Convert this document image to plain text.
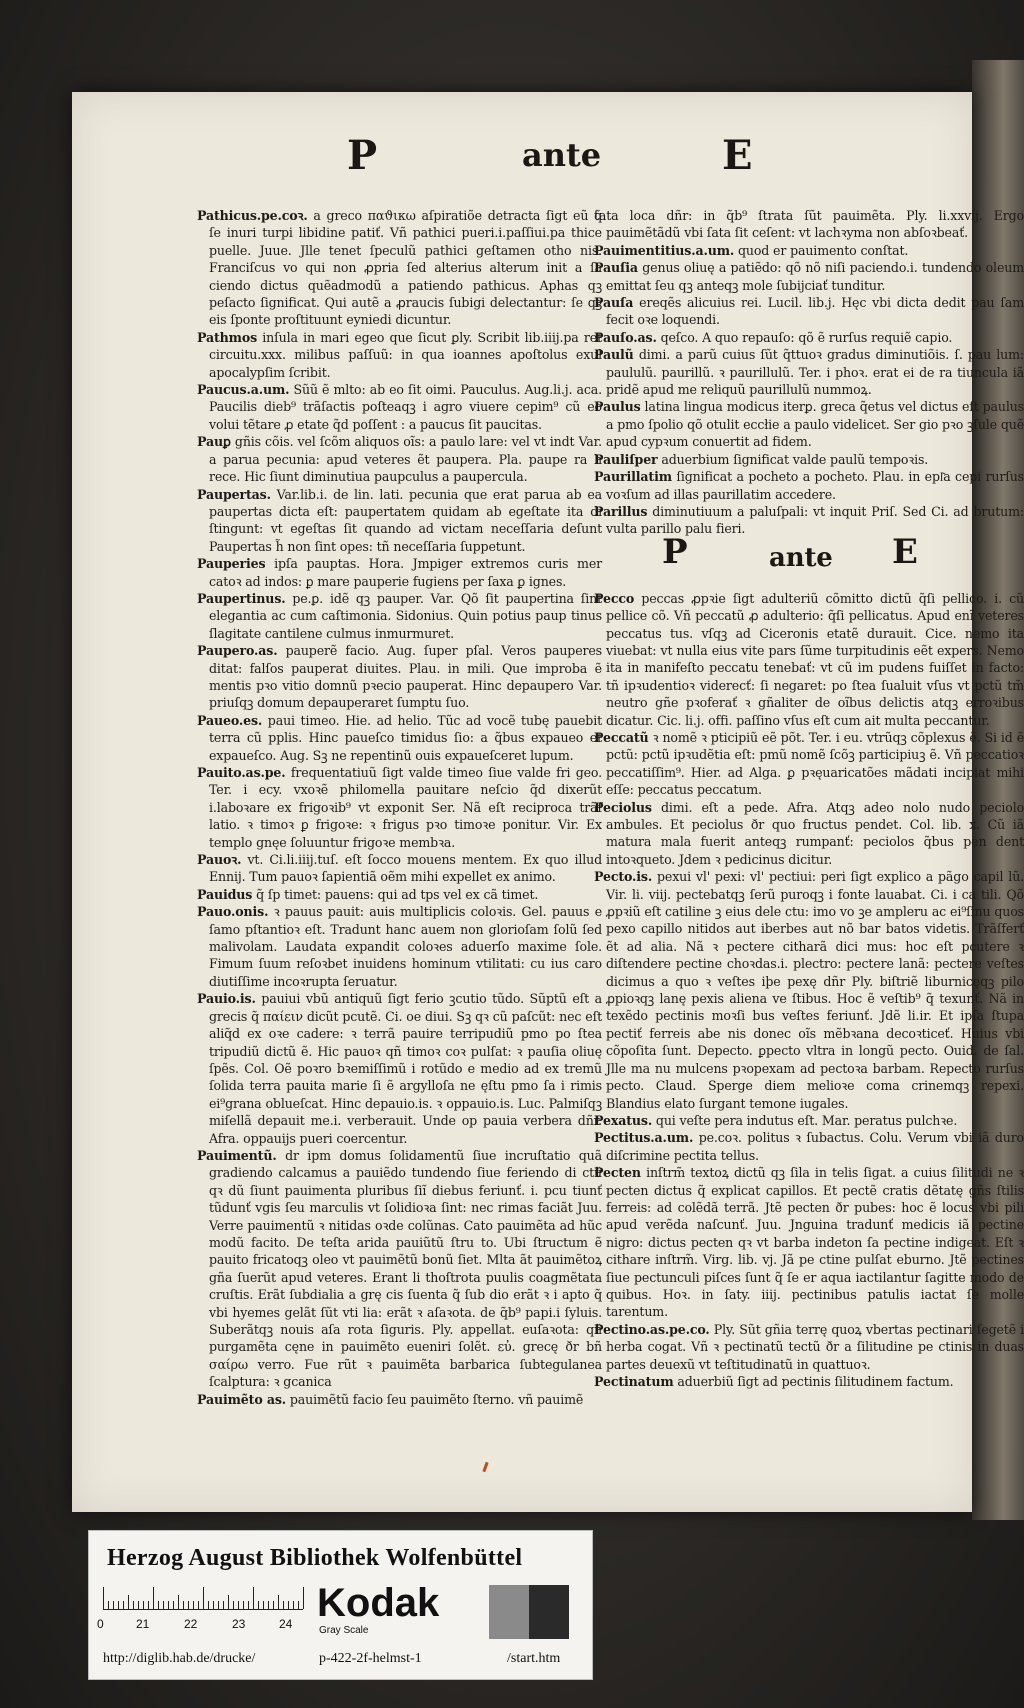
P	ante	E

Pathicus.pe.coꝛ. a greco παϑικω aſpiratiõe detracta ſigt eũ q̃ ſe inuri turpi libidine patiť. Vñ pathici pueri.i.paſſiui.pa thice puelle. Juue. Jlle tenet ſpeculũ pathici geſtamen otho nis. Franciſcus vo qui non ꝓpria ſed alterius alterum init a ſa ciendo dictus quẽadmodũ a patiendo pathicus. Aphas qꝫ peſacto ſignificat. Qui autẽ a ꝓraucis ſubigi delectantur: ſe qꝫ eis ſponte proſtituunt eyniedi dicuntur.

Pathmos inſula in mari egeo que ſicut ꝑly. Scribit lib.iiij.pa ret circuitu.xxx. milibus paſſuũ: in qua ioannes apoſtolus exul apocalypſim ſcribit.

Paucus.a.um. Sũũ ẽ mlto: ab eo ſit oimi. Pauculus. Aug.li.j. aca. Paucilis dieb⁹ trãſactis poſteaqꝫ i agro viuere cepim⁹ cũ eo volui tẽtare ꝓ etate q̃d poſſent : a paucus ſit paucitas.

Pauꝑ gñis cõis. vel ſcõm aliquos oĩs: a paulo lare: vel vt indt Var. a parua pecunia: apud veteres ẽt paupera. Pla. paupe ra h rece. Hic ſiunt diminutiua paupculus a paupercula.

Paupertas. Var.lib.i. de lin. lati. pecunia que erat parua ab ea paupertas dicta eſt: paupertatem quidam ab egeſtate ita di ſtingunt: vt egeſtas ſit quando ad victam neceſſaria deſunt Paupertas h̃ non ſint opes: tñ neceſſaria ſuppetunt.

Pauperies ipſa pauptas. Hora. Jmpiger extremos curis mer catoꝛ ad indos: ꝑ mare pauperie fugiens per ſaxa ꝑ ignes.

Paupertinus. pe.ꝑ. idẽ qꝫ pauper. Var. Qõ ſit paupertina ſint elegantia ac cum caſtimonia. Sidonius. Quin potius paup tinus ſlagitate cantilene culmus inmurmuret.

Paupero.as. pauperẽ facio. Aug. ſuper pſal. Veros pauperes ditat: falſos pauperat diuites. Plau. in mili. Que improba ẽ mentis pꝛo vitio domnũ pꝛecio pauperat. Hinc depaupero Var. priuſqꝫ domum depauperaret ſumptu ſuo.

Paueo.es. paui timeo. Hie. ad helio. Tũc ad vocẽ tubę pauebit terra cũ pplis. Hinc paueſco timidus ſio: a q̃bus expaueo et expaueſco. Aug. Sꝫ ne repentinũ ouis expaueſceret lupum.

Pauito.as.pe. frequentatiuũ ſigt valde timeo ſiue valde fri geo. Ter. i ecy. vxoꝛẽ philomella pauitare neſcio q̃d dixerũt i.laboꝛare ex frigoꝛib⁹ vt exponit Ser. Nã eſt reciproca trãſ latio. ꝛ timoꝛ ꝑ frigoꝛe: ꝛ frigus pꝛo timoꝛe ponitur. Vir. Ex templo gnęe ſoluuntur frigoꝛe membꝛa.

Pauoꝛ. vt. Ci.li.iiij.tuſ. eſt ſocco mouens mentem. Ex quo illud Ennij. Tum pauoꝛ ſapientiã oẽm mihi expellet ex animo.

Pauidus q̃ ſp timet: pauens: qui ad tps vel ex cã timet.

Pauo.onis. ꝛ pauus pauit: auis multiplicis coloꝛis. Gel. pauus e ſamo pſtantioꝛ eſt. Tradunt hanc auem non glorioſam ſolũ ſed malivolam. Laudata expandit coloꝛes aduerſo maxime ſole. Fimum ſuum reſoꝛbet inuidens hominum vtilitati: cu ius caro diutiſſime incoꝛrupta ſeruatur.

Pauio.is. pauiui vbũ antiquũ ſigt ferio ꝫcutio tũdo. Sũptũ eſt a grecis q̃ παίειν dicũt pcutẽ. Ci. oe diui. Sꝫ qꝛ cũ paſcũt: nec eſt aliq̃d ex oꝛe cadere: ꝛ terrã pauire terripudiũ pmo po ſtea tripudiũ dictũ ẽ. Hic pauoꝛ qñ timoꝛ coꝛ pulſat: ꝛ pauſia oliuę ſpẽs. Col. Oẽ poꝛro bꝛemiſſimũ i rotũdo e medio ad ex tremũ ſolida terra pauita marie ſi ẽ argylloſa ne ęſtu pmo ſa i rimis ei⁹grana oblueſcat. Hinc depauio.is. ꝛ oppauio.is. Luc. Palmiſqꝫ miſellã depauit me.i. verberauit. Unde op pauia verbera dñr. Afra. oppauijs pueri coercentur.

Pauimentũ. dr ipm domus ſolidamentũ ſiue incruſtatio quã gradiendo calcamus a pauiẽdo tundendo ſiue feriendo di ctũ qꝛ dũ ſiunt pauimenta pluribus ſiĩ diebus feriunť. i. pcu tiunť tũdunť vgis ſeu marculis vt ſolidioꝛa ſint: nec rimas faciãt Juu. Verre pauimentũ ꝛ nitidas oꝛde colũnas. Cato pauimẽta ad hũc modũ facito. De teſta arida pauiũtũ ſtru to. Ubi ſtructum ẽ pauito fricatoqꝫ oleo vt pauimẽtũ bonũ ſiet. Mlta ãt pauimẽtoꝝ gña ſuerũt apud veteres. Erant li thoſtrota puulis coagmẽtata cruſtis. Erãt ſubdialia a grę cis ſuenta q̃ ſub dio erãt ꝛ i apto q̃ vbi hyemes gelãt ſũt vti lia: erãt ꝛ aſaꝛota. de q̃b⁹ papi.i ſyluis. Suberãtqꝫ nouis aſa rota ſiguris. Ply. appellat. euſaꝛota: qñ purgamẽta cęne in pauimẽto eueniri ſolẽt. εὐ. grecę ðr bñ σαίρω verro. Fue rũt ꝛ pauimẽta barbarica ſubtegulanea ſcalptura: ꝛ gcanica

Pauimẽto as. pauimẽtũ facio ſeu pauimẽto ſterno. vñ pauimẽ

tata loca dñr: in q̃b⁹ ſtrata ſũt pauimẽta. Ply. li.xxvij. Ergo pauimẽtãdũ vbi ſata ſit ceſent: vt lachꝛyma non abſoꝛbeať.

Pauimentitius.a.um. quod er pauimento conſtat.

Pauſia genus oliuę a patiẽdo: qõ nõ niſi paciendo.i. tundendo oleum emittat ſeu qꝫ anteqꝫ mole ſubijciať tunditur.

Pauſa ereqẽs alicuius rei. Lucil. lib.j. Hęc vbi dicta dedit pau ſam fecit oꝛe loquendi.

Pauſo.as. qeſco. A quo repauſo: qõ ẽ rurſus requiẽ capio.

Paulũ dimi. a parũ cuius ſũt q̃ttuoꝛ gradus diminutiõis. ſ. pau lum: paululũ. paurillũ. ꝛ paurillulũ. Ter. i phoꝛ. erat ei de ra tiuncula iã pridẽ apud me reliquũ paurillulũ nummoꝝ.

Paulus latina lingua modicus iterꝑ. greca q̃etus vel dictus eſt paulus a pmo ſpolio qõ otulit eccłie a paulo videlicet. Ser gio pꝛo ꝫſule quẽ apud cypꝛum conuertit ad fidem.

Pauliſper aduerbium ſignificat valde paulũ tempoꝛis.

Paurillatim ſignificat a pocheto a pocheto. Plau. in epl͂a cepi rurſus voꝛſum ad illas paurillatim accedere.

Parillus diminutiuum a paluſpali: vt inquit Priſ. Sed Ci. ad brutum: vulta parillo palu fieri.

P	ante E

Pecco peccas ꝓpꝛie ſigt adulteriũ cõmitto dictũ q̃ſi pellico. i. cũ pellice cõ. Vñ peccatũ ꝓ adulterio: q̃ſi pellicatus. Apud enĩ veteres peccatus tus. vſqꝫ ad Ciceronis etatẽ durauit. Cice. nemo ita viuebat: vt nulla eius vite pars ſũme turpitudinis eẽt expers. Nemo ita in manifeſto peccatu tenebať: vt cũ im pudens fuiſſet in facto: tñ ipꝛudentioꝛ viderecť: ſi negaret: po ſtea ſualuit vſus vt pctũ tm̃ neutro gñe pꝛoferať ꝛ gñaliter de oĩbus delictis atqꝫ erroꝛibus dicatur. Cic. li.j. offi. paſſino vſus eſt cum ait multa peccantur.

Peccatũ ꝛ nomẽ ꝛ pticipiũ eẽ põt. Ter. i eu. vtrũqꝫ cõplexus ẽ. Si id ẽ pctũ: pctũ ipꝛudẽtia eſt: pmũ nomẽ ſcõꝫ participiuꝫ ẽ. Vñ peccatioꝛ peccatiſſim⁹. Hier. ad Alga. ꝑ pꝛęuaricatões mãdati incipiat mihi eſſe: peccatus peccatum.

Peciolus dimi. eſt a pede. Afra. Atqꝫ adeo nolo nudo peciolo ambules. Et peciolus ðr quo fructus pendet. Col. lib. x. Cũ iã matura mala fuerit anteqꝫ rumpanť: peciolos q̃bus pen dent intoꝛqueto. Jdem ꝛ pedicinus dicitur.

Pecto.is. pexui vl' pexi: vl' pectiui: peri ſigt explico a pãgo capil lũ. Vir. li. viij. pectebatqꝫ ſerũ puroqꝫ i fonte lauabat. Ci. i ca tili. Qõ ꝓpꝛiũ eſt catiline ꝫ eius dele ctu: imo vo ꝫe ampleru ac ei⁹ſinu quos pexo capillo nitidos aut iberbes aut nõ bar batos videtis. Trãſferť ẽt ad alia. Nã ꝛ pectere citharã dici mus: hoc eſt pcutere ꝛ diſtendere pectine choꝛdas.i. plectro: pectere lanã: pectere veſtes dicimus a quo ꝛ veſtes iþe pexę dñr Ply. biſtriẽ liburnicęqꝫ pilo ꝓpioꝛqꝫ lanę pexis aliena ve ſtibus. Hoc ẽ veſtib⁹ q̃ texunť. Nã in texẽdo pectinis moꝛſi bus veſtes feriunť. Jdẽ li.ir. Et ipſa ſtupa pectiť ferreis abe nis donec oĩs mẽbꝛana decoꝛticeť. Huius vbi cõpoſita ſunt. Depecto. ꝑpecto vltra in longũ pecto. Ouid. de ſal. Jlle ma nu mulcens pꝛopexam ad pectoꝛa barbam. Repecto rurſus pecto. Claud. Sperge diem melioꝛe coma crinemqꝫ repexi. Blandius elato ſurgant temone iugales.

Pexatus. qui veſte pera indutus eſt. Mar. peratus pulchꝛe.

Pectitus.a.um. pe.coꝛ. politus ꝛ ſubactus. Colu. Verum vbi iã duro diſcrimine pectita tellus.

Pecten inſtrm̃ textoꝝ dictũ qꝫ ſila in telis ſigat. a cuius ſilitudi ne ꝛ pecten dictus q̃ explicat capillos. Et pectẽ cratis dẽtatę gñs ſtilis ferreis: ad colẽdã terrã. Jtẽ pecten ðr pubes: hoc ẽ locus vbi pili apud verẽda naſcunť. Juu. Jnguina tradunť medicis iã pectine nigro: dictus pecten qꝛ vt barba indeton ſa pectine indigeat. Eſt ꝛ cithare inſtrm̃. Virg. lib. vj. Jã pe ctine pulſat eburno. Jtẽ pectines ſiue pectunculi piſces ſunt q̃ ſe er aqua iactilantur ſagitte modo de quibus. Hoꝛ. in ſaty. iiij. pectinibus patulis iactat ſe molle tarentum.

Pectino.as.pe.co. Ply. Sũt gñia terrę quoꝝ vbertas pectinari ſegetẽ i herba cogat. Vñ ꝛ pectinatũ tectũ ðr a ſilitudine pe ctinis in duas partes deuexũ vt teſtitudinatũ in quattuoꝛ.

Pectinatum aduerbiũ ſigt ad pectinis ſilitudinem factum.

Herzog August Bibliothek Wolfenbüttel
0	21	22	23	24 Kodak
Gray Scale
http://diglib.hab.de/drucke/	p-422-2f-helmst-1	/start.htm
